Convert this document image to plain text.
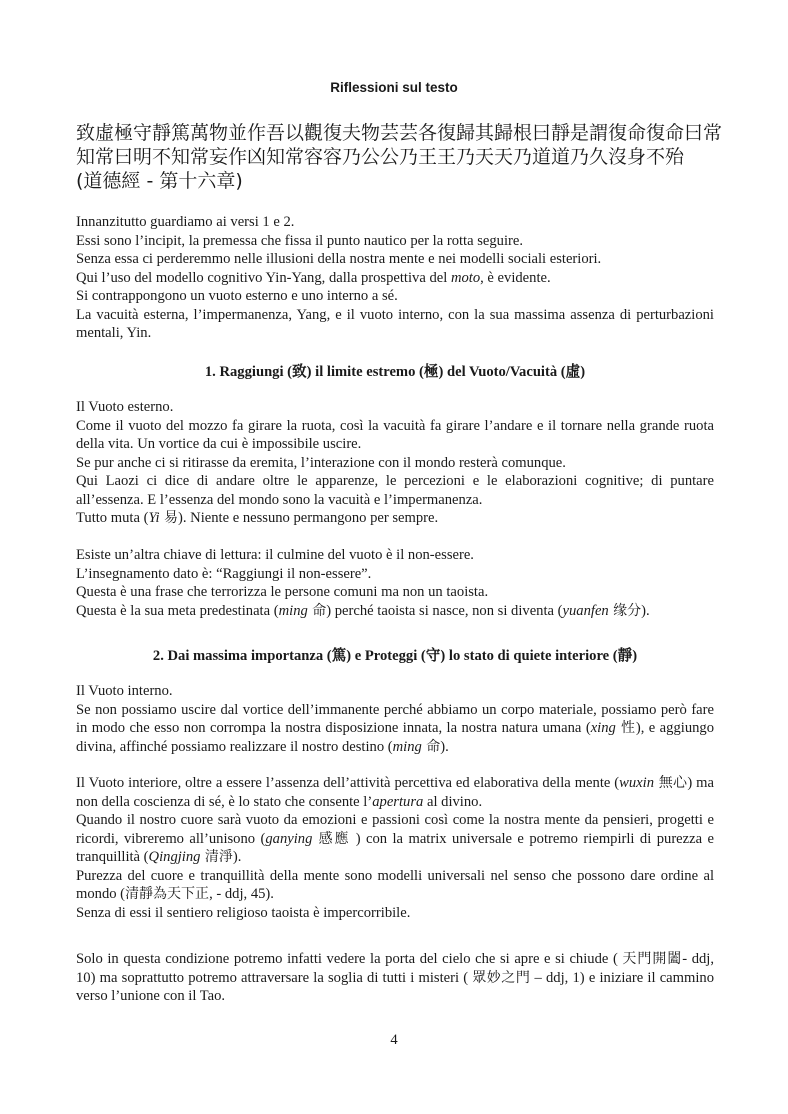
Riflessioni sul testo
致虛極守靜篤萬物並作吾以觀復夫物芸芸各復歸其歸根曰靜是謂復命復命曰常
知常曰明不知常妄作凶知常容容乃公公乃王王乃天天乃道道乃久沒身不殆
(道德經 - 第十六章)

Innanzitutto guardiamo ai versi 1 e 2.

Essi sono l’incipit, la premessa che fissa il punto nautico per la rotta seguire.

Senza essa ci perderemmo nelle illusioni della nostra mente e nei modelli sociali esteriori.

Qui l’uso del modello cognitivo Yin-Yang, dalla prospettiva del moto, è evidente.

Si contrappongono un vuoto esterno e uno interno a sé.

La vacuità esterna, l’impermanenza, Yang, e il vuoto interno, con la sua massima assenza di perturbazioni mentali, Yin.

1. Raggiungi (致) il limite estremo (極) del Vuoto/Vacuità (虛)

Il Vuoto esterno.

Come il vuoto del mozzo fa girare la ruota, così la vacuità fa girare l’andare e il tornare nella grande ruota della vita. Un vortice da cui è impossibile uscire.

Se pur anche ci si ritirasse da eremita, l’interazione con il mondo resterà comunque.

Qui Laozi ci dice di andare oltre le apparenze, le percezioni e le elaborazioni cognitive; di puntare all’essenza. E l’essenza del mondo sono la vacuità e l’impermanenza.

Tutto muta (Yi 易). Niente e nessuno permangono per sempre.

Esiste un’altra chiave di lettura: il culmine del vuoto è il non-essere.

L’insegnamento dato è: “Raggiungi il non-essere”.

Questa è una frase che terrorizza le persone comuni ma non un taoista.

Questa è la sua meta predestinata (ming 命) perché taoista si nasce, non si diventa (yuanfen 缘分).

2. Dai massima importanza (篤) e Proteggi (守) lo stato di quiete interiore (靜)

Il Vuoto interno.

Se non possiamo uscire dal vortice dell’immanente perché abbiamo un corpo materiale, possiamo però fare in modo che esso non corrompa la nostra disposizione innata, la nostra natura umana (xing 性), e aggiungo divina, affinché possiamo realizzare il nostro destino (ming 命).

Il Vuoto interiore, oltre a essere l’assenza dell’attività percettiva ed elaborativa della mente (wuxin 無心) ma non della coscienza di sé, è lo stato che consente l’apertura al divino.

Quando il nostro cuore sarà vuoto da emozioni e passioni così come la nostra mente da pensieri, progetti e ricordi, vibreremo all’unisono (ganying 感應 ) con la matrix universale e potremo riempirli di purezza e tranquillità (Qingjing 清淨).

Purezza del cuore e tranquillità della mente sono modelli universali nel senso che possono dare ordine al mondo (清靜為天下正, - ddj, 45).

Senza di essi il sentiero religioso taoista è impercorribile.

Solo in questa condizione potremo infatti vedere la porta del cielo che si apre e si chiude ( 天門開闔- ddj, 10) ma soprattutto potremo attraversare la soglia di tutti i misteri ( 眾妙之門 – ddj, 1) e iniziare il cammino verso l’unione con il Tao.

4
